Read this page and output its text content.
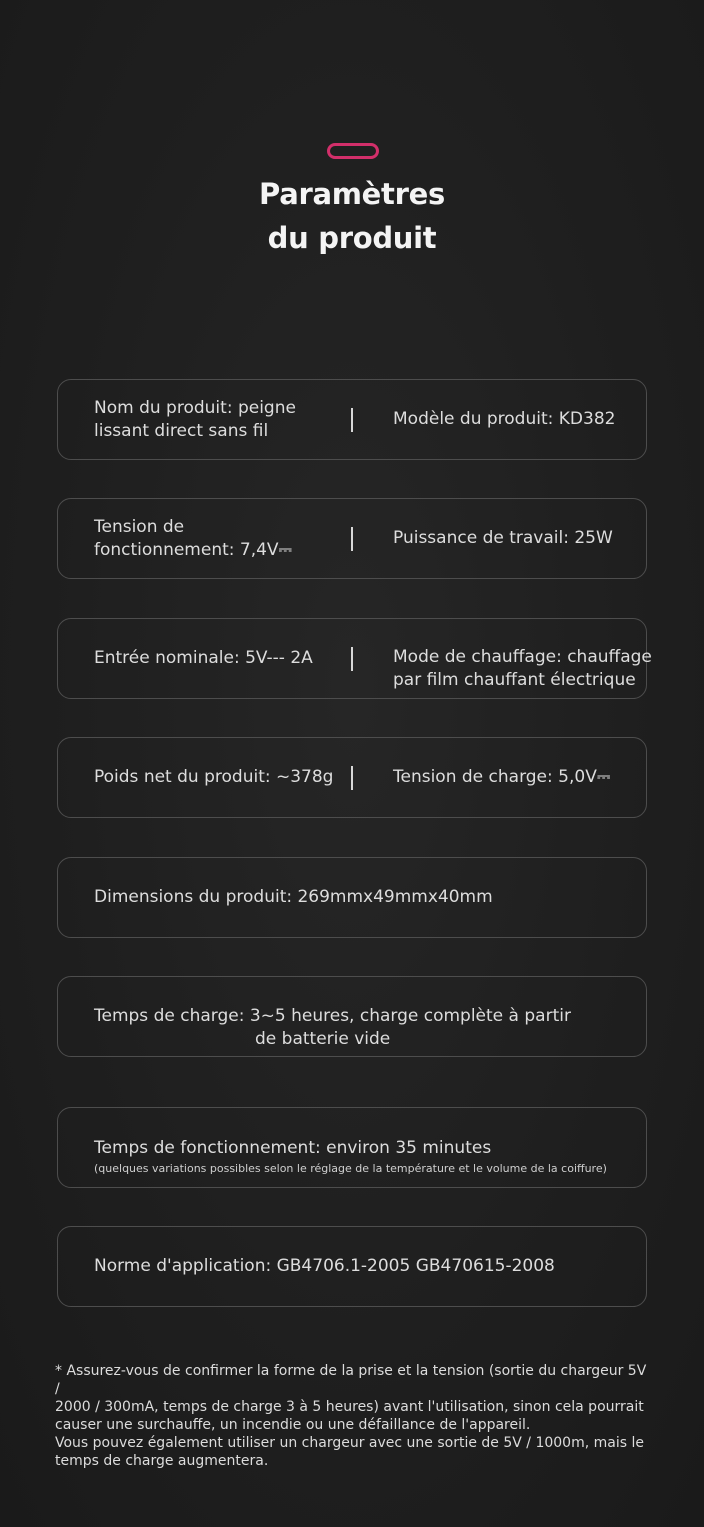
Paramètres
du produit
Nom du produit: peigne
lissant direct sans fil
Modèle du produit: KD382
Tension de
fonctionnement: 7,4V⎓
Puissance de travail: 25W
Entrée nominale: 5V--- 2A	Mode de chauffage: chauffage
par film chauffant électrique
Poids net du produit: ~378g	Tension de charge: 5,0V⎓
Dimensions du produit: 269mmx49mmx40mm
Temps de charge: 3~5 heures, charge complète à partir
de batterie vide
Temps de fonctionnement: environ 35 minutes
(quelques variations possibles selon le réglage de la température et le volume de la coiffure)
Norme d'application: GB4706.1-2005 GB470615-2008
* Assurez-vous de confirmer la forme de la prise et la tension (sortie du chargeur 5V /
2000 / 300mA, temps de charge 3 à 5 heures) avant l'utilisation, sinon cela pourrait
causer une surchauffe, un incendie ou une défaillance de l'appareil.
Vous pouvez également utiliser un chargeur avec une sortie de 5V / 1000m, mais le
temps de charge augmentera.
